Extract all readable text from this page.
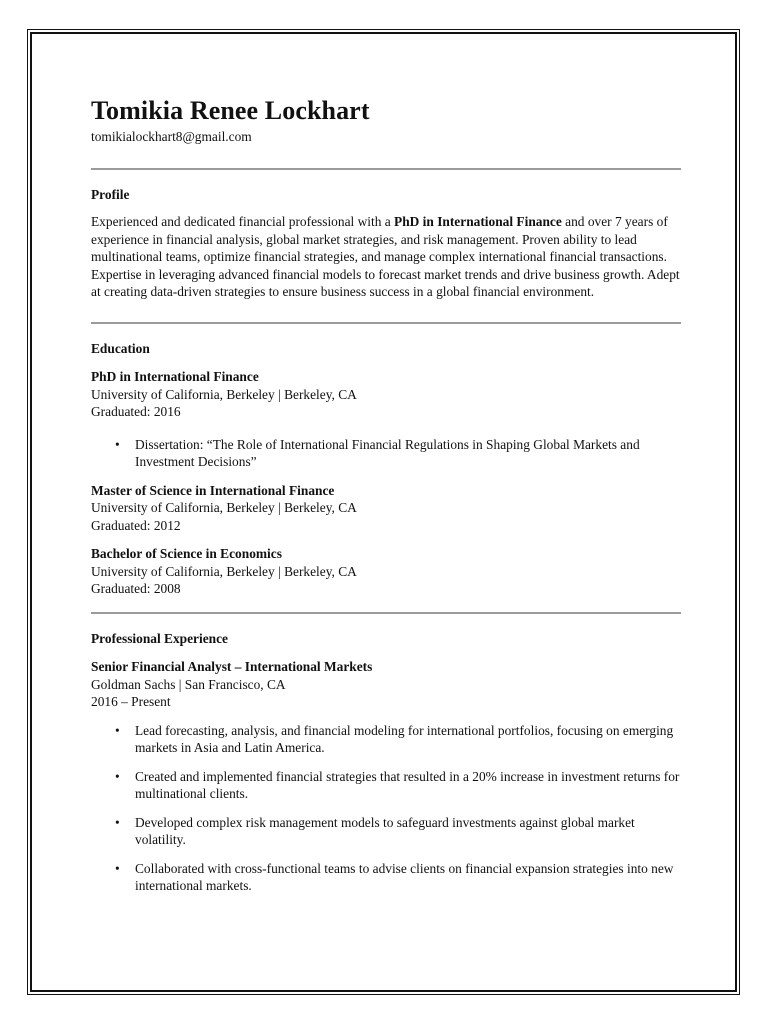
Tomikia Renee Lockhart
tomikialockhart8@gmail.com
Profile

Experienced and dedicated financial professional with a PhD in International Finance and over 7 years of experience in financial analysis, global market strategies, and risk management. Proven ability to lead multinational teams, optimize financial strategies, and manage complex international financial transactions. Expertise in leveraging advanced financial models to forecast market trends and drive business growth. Adept at creating data-driven strategies to ensure business success in a global financial environment.

Education
PhD in International Finance
University of California, Berkeley | Berkeley, CA
Graduated: 2016
• Dissertation: “The Role of International Financial Regulations in Shaping Global Markets and Investment Decisions”
Master of Science in International Finance
University of California, Berkeley | Berkeley, CA
Graduated: 2012
Bachelor of Science in Economics
University of California, Berkeley | Berkeley, CA
Graduated: 2008
Professional Experience
Senior Financial Analyst – International Markets
Goldman Sachs | San Francisco, CA
2016 – Present
• Lead forecasting, analysis, and financial modeling for international portfolios, focusing on emerging markets in Asia and Latin America.
• Created and implemented financial strategies that resulted in a 20% increase in investment returns for multinational clients.
• Developed complex risk management models to safeguard investments against global market volatility.
• Collaborated with cross-functional teams to advise clients on financial expansion strategies into new international markets.
